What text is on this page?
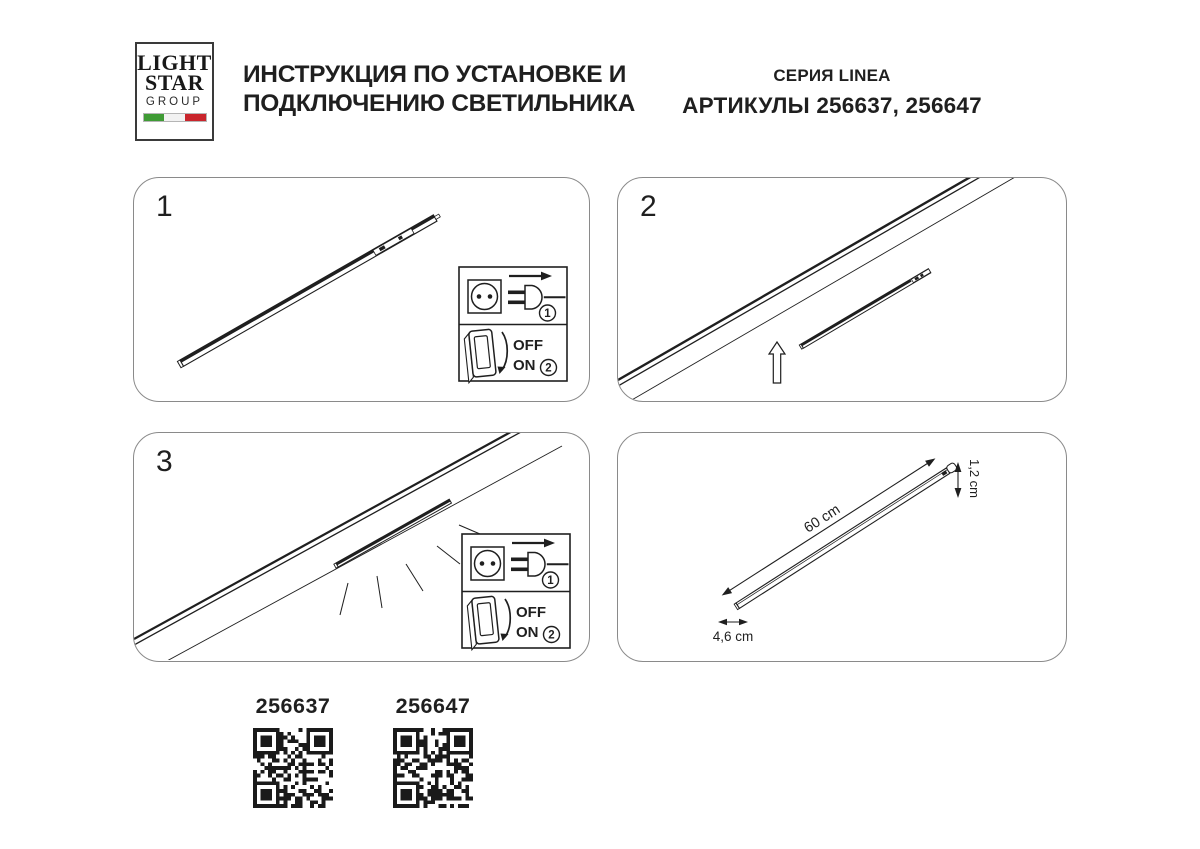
LIGHT
STAR
GROUP
ИНСТРУКЦИЯ ПО УСТАНОВКЕ И
ПОДКЛЮЧЕНИЮ СВЕТИЛЬНИКА
СЕРИЯ LINEA
АРТИКУЛЫ 256637, 256647
1
OFF
ON 2
1	2
1
OFF
ON 2
3
60 cm
1,2 cm
4,6 cm
256637	256647
